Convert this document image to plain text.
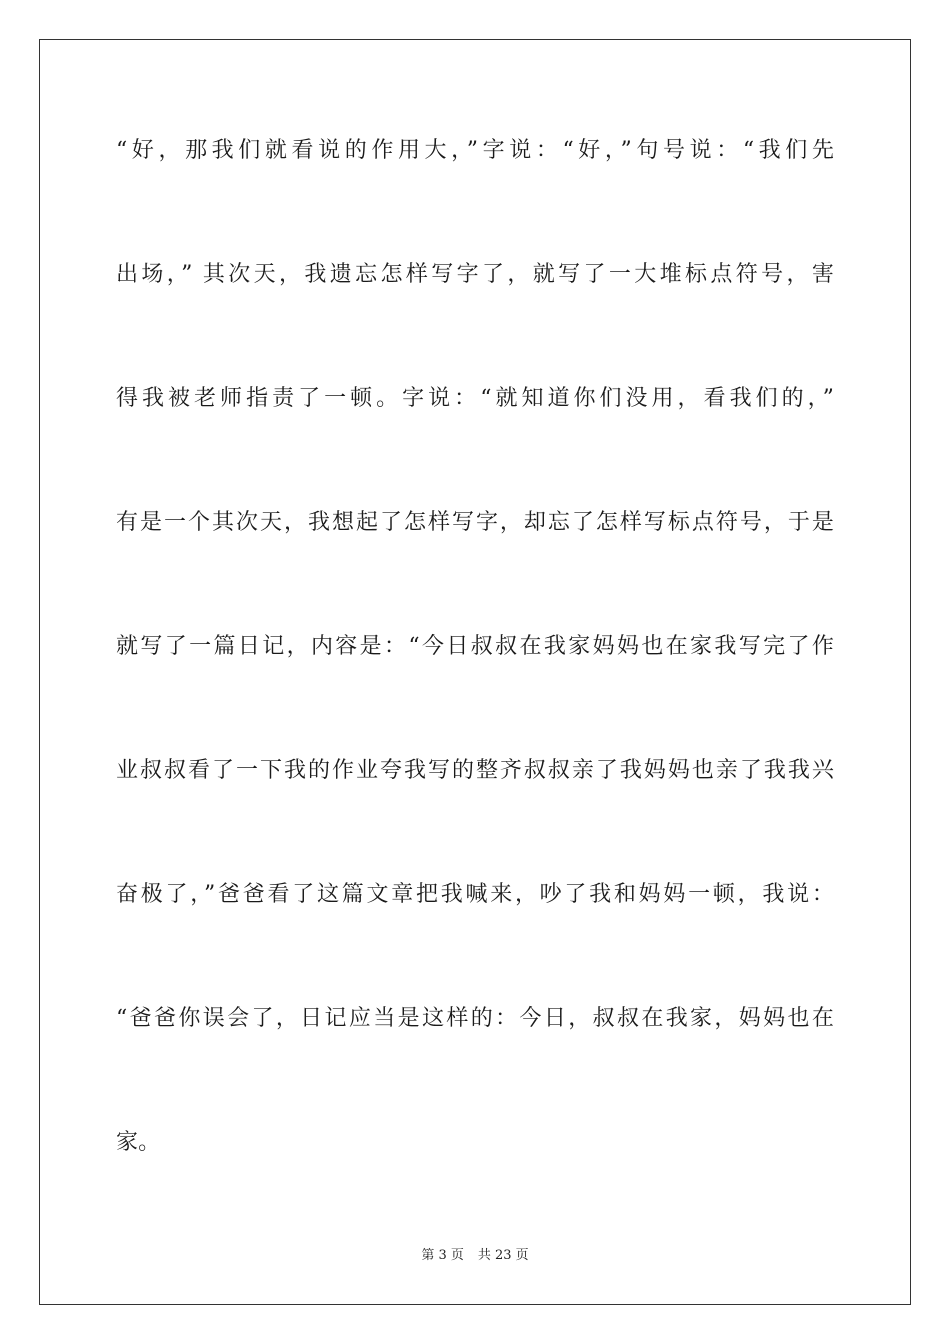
“好，那我们就看说的作用大，”字说：“好，”句号说：“我们先
出场，” 其次天，我遗忘怎样写字了，就写了一大堆标点符号，害
得我被老师指责了一顿。字说：“就知道你们没用，看我们的，”
有是一个其次天，我想起了怎样写字，却忘了怎样写标点符号，于是
就写了一篇日记，内容是：“今日叔叔在我家妈妈也在家我写完了作
业叔叔看了一下我的作业夸我写的整齐叔叔亲了我妈妈也亲了我我兴
奋极了，”爸爸看了这篇文章把我喊来，吵了我和妈妈一顿，我说：
“爸爸你误会了，日记应当是这样的：今日，叔叔在我家，妈妈也在
家。
第 3 页 共 23 页
